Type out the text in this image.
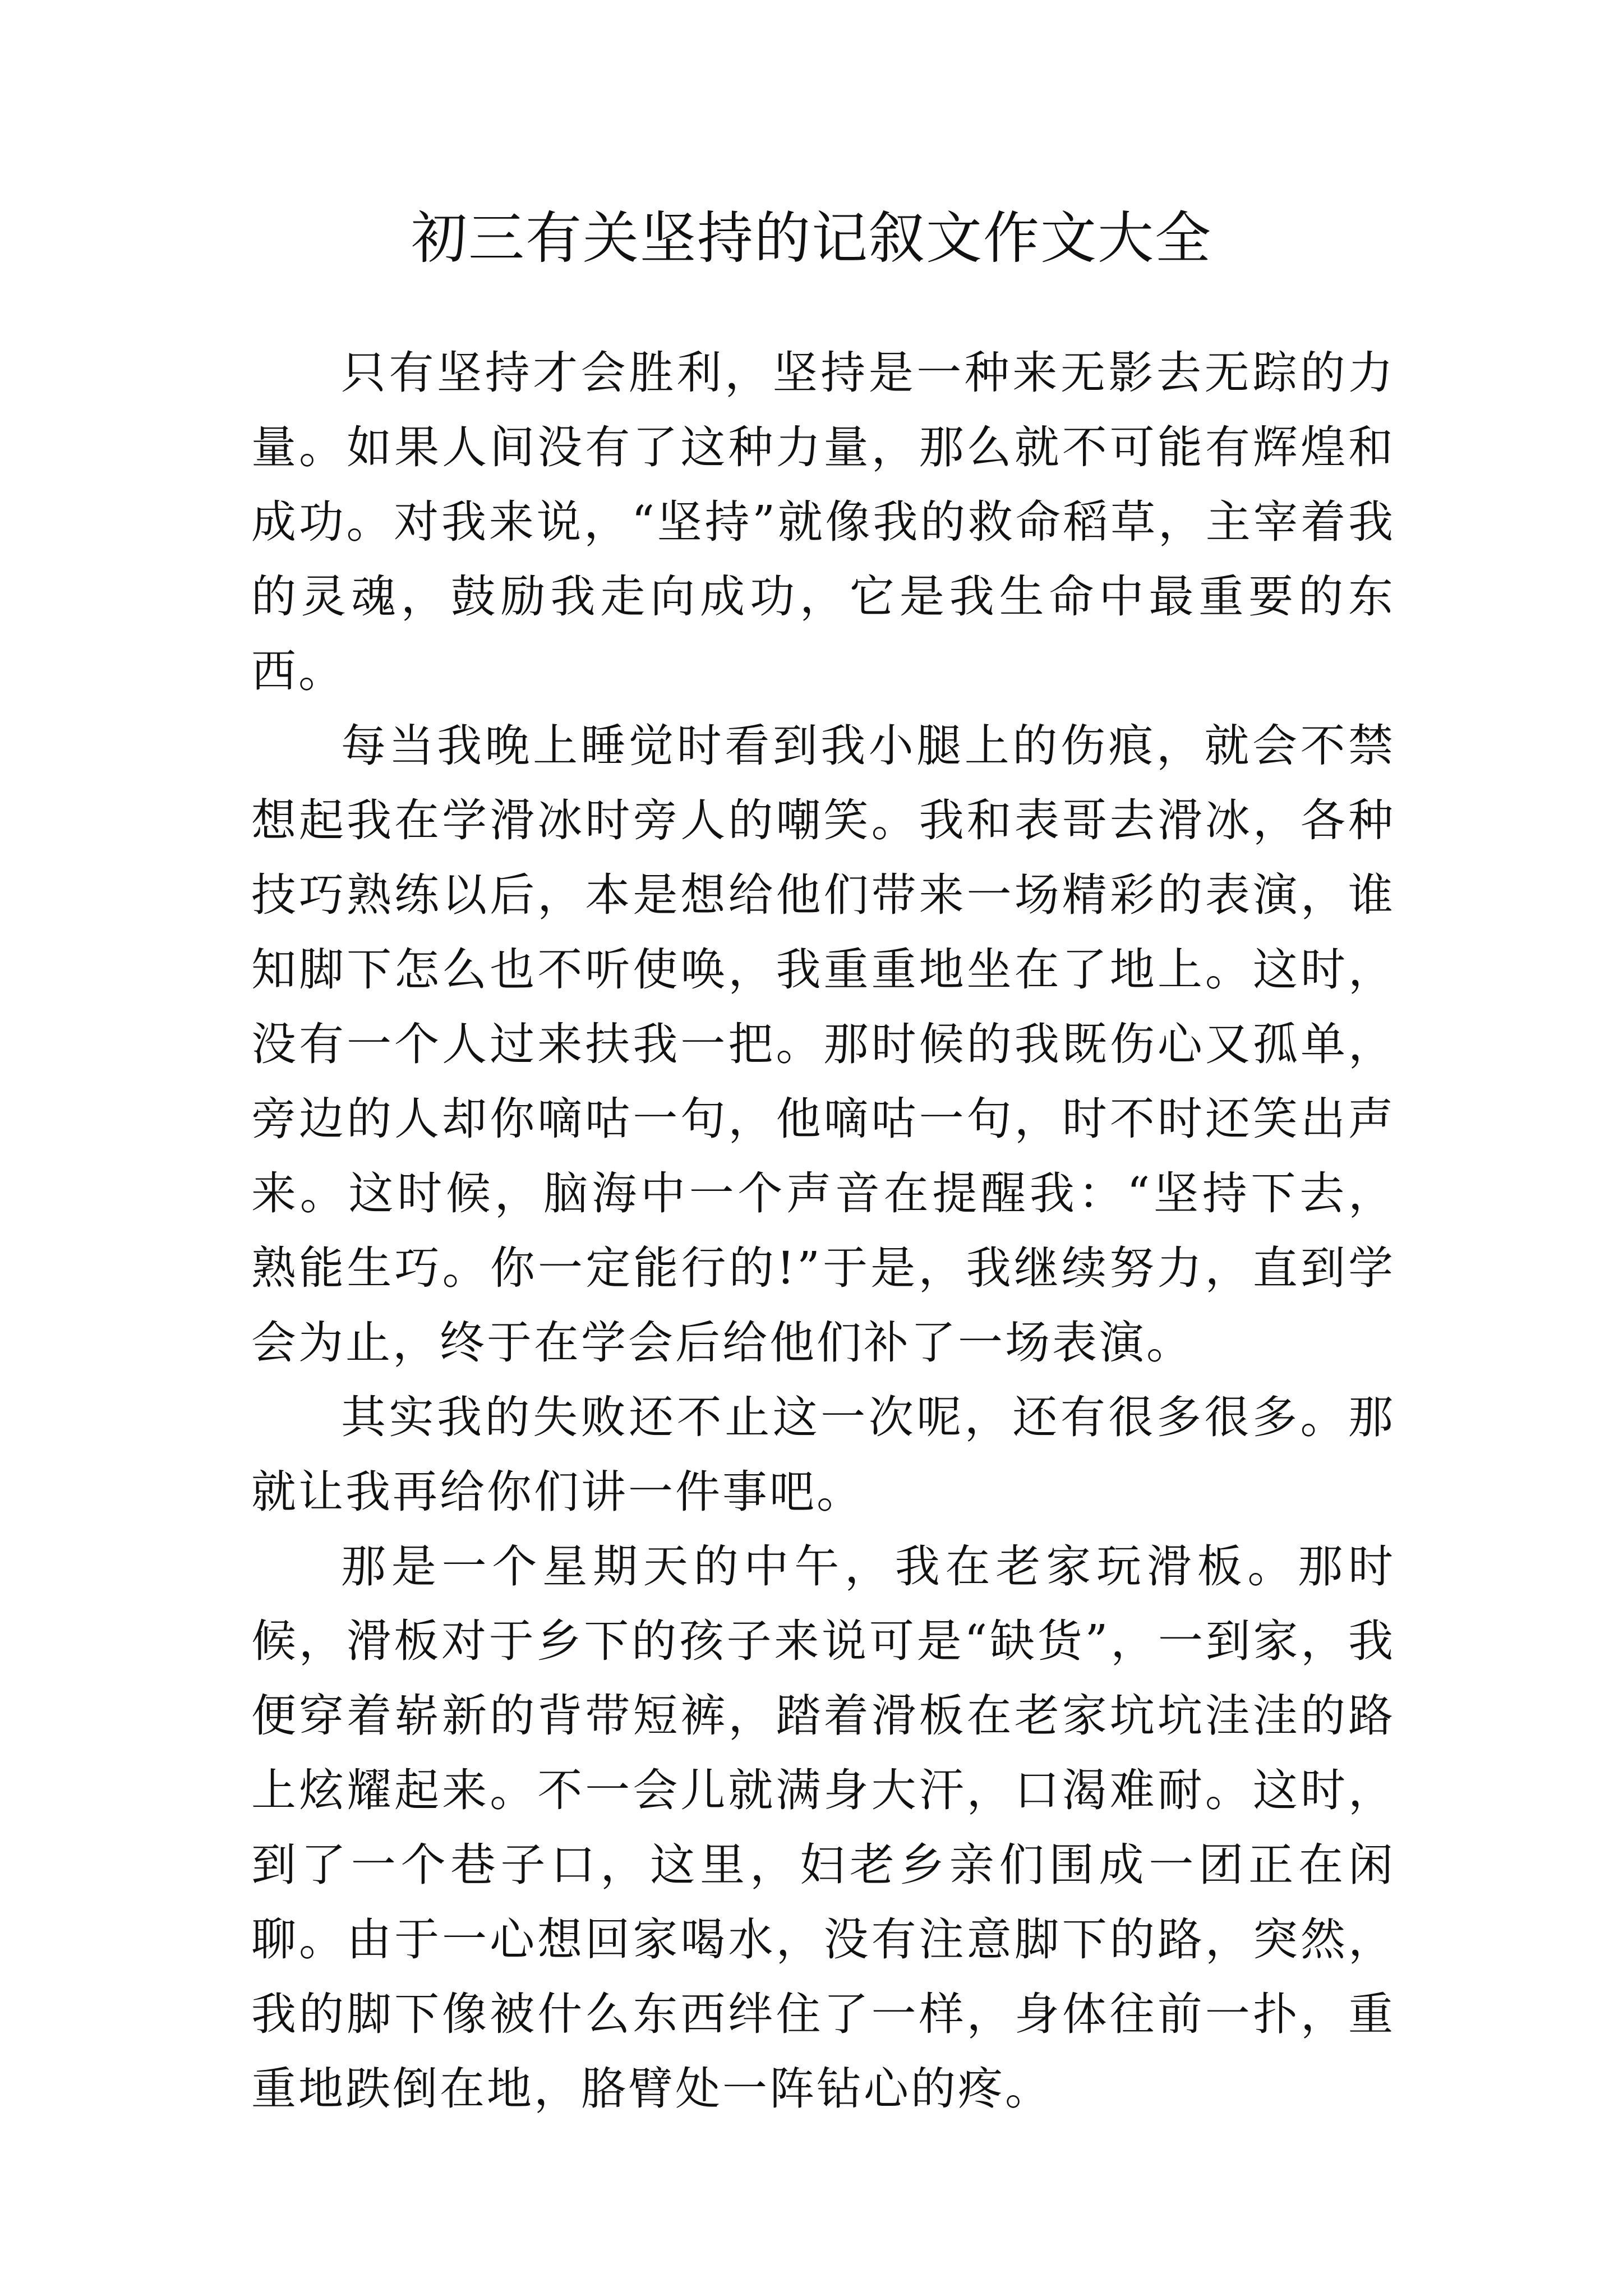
初三有关坚持的记叙文作文大全

只有坚持才会胜利，坚持是一种来无影去无踪的力量。如果人间没有了这种力量，那么就不可能有辉煌和成功。对我来说，“坚持”就像我的救命稻草，主宰着我的灵魂，鼓励我走向成功，它是我生命中最重要的东西。

每当我晚上睡觉时看到我小腿上的伤痕，就会不禁想起我在学滑冰时旁人的嘲笑。我和表哥去滑冰，各种技巧熟练以后，本是想给他们带来一场精彩的表演，谁知脚下怎么也不听使唤，我重重地坐在了地上。这时，没有一个人过来扶我一把。那时候的我既伤心又孤单，旁边的人却你嘀咕一句，他嘀咕一句，时不时还笑出声来。这时候，脑海中一个声音在提醒我：“坚持下去，熟能生巧。你一定能行的!”于是，我继续努力，直到学会为止，终于在学会后给他们补了一场表演。

其实我的失败还不止这一次呢，还有很多很多。那就让我再给你们讲一件事吧。

那是一个星期天的中午，我在老家玩滑板。那时候，滑板对于乡下的孩子来说可是“缺货”，一到家，我便穿着崭新的背带短裤，踏着滑板在老家坑坑洼洼的路上炫耀起来。不一会儿就满身大汗，口渴难耐。这时，到了一个巷子口，这里，妇老乡亲们围成一团正在闲聊。由于一心想回家喝水，没有注意脚下的路，突然，我的脚下像被什么东西绊住了一样，身体往前一扑，重重地跌倒在地，胳臂处一阵钻心的疼。
